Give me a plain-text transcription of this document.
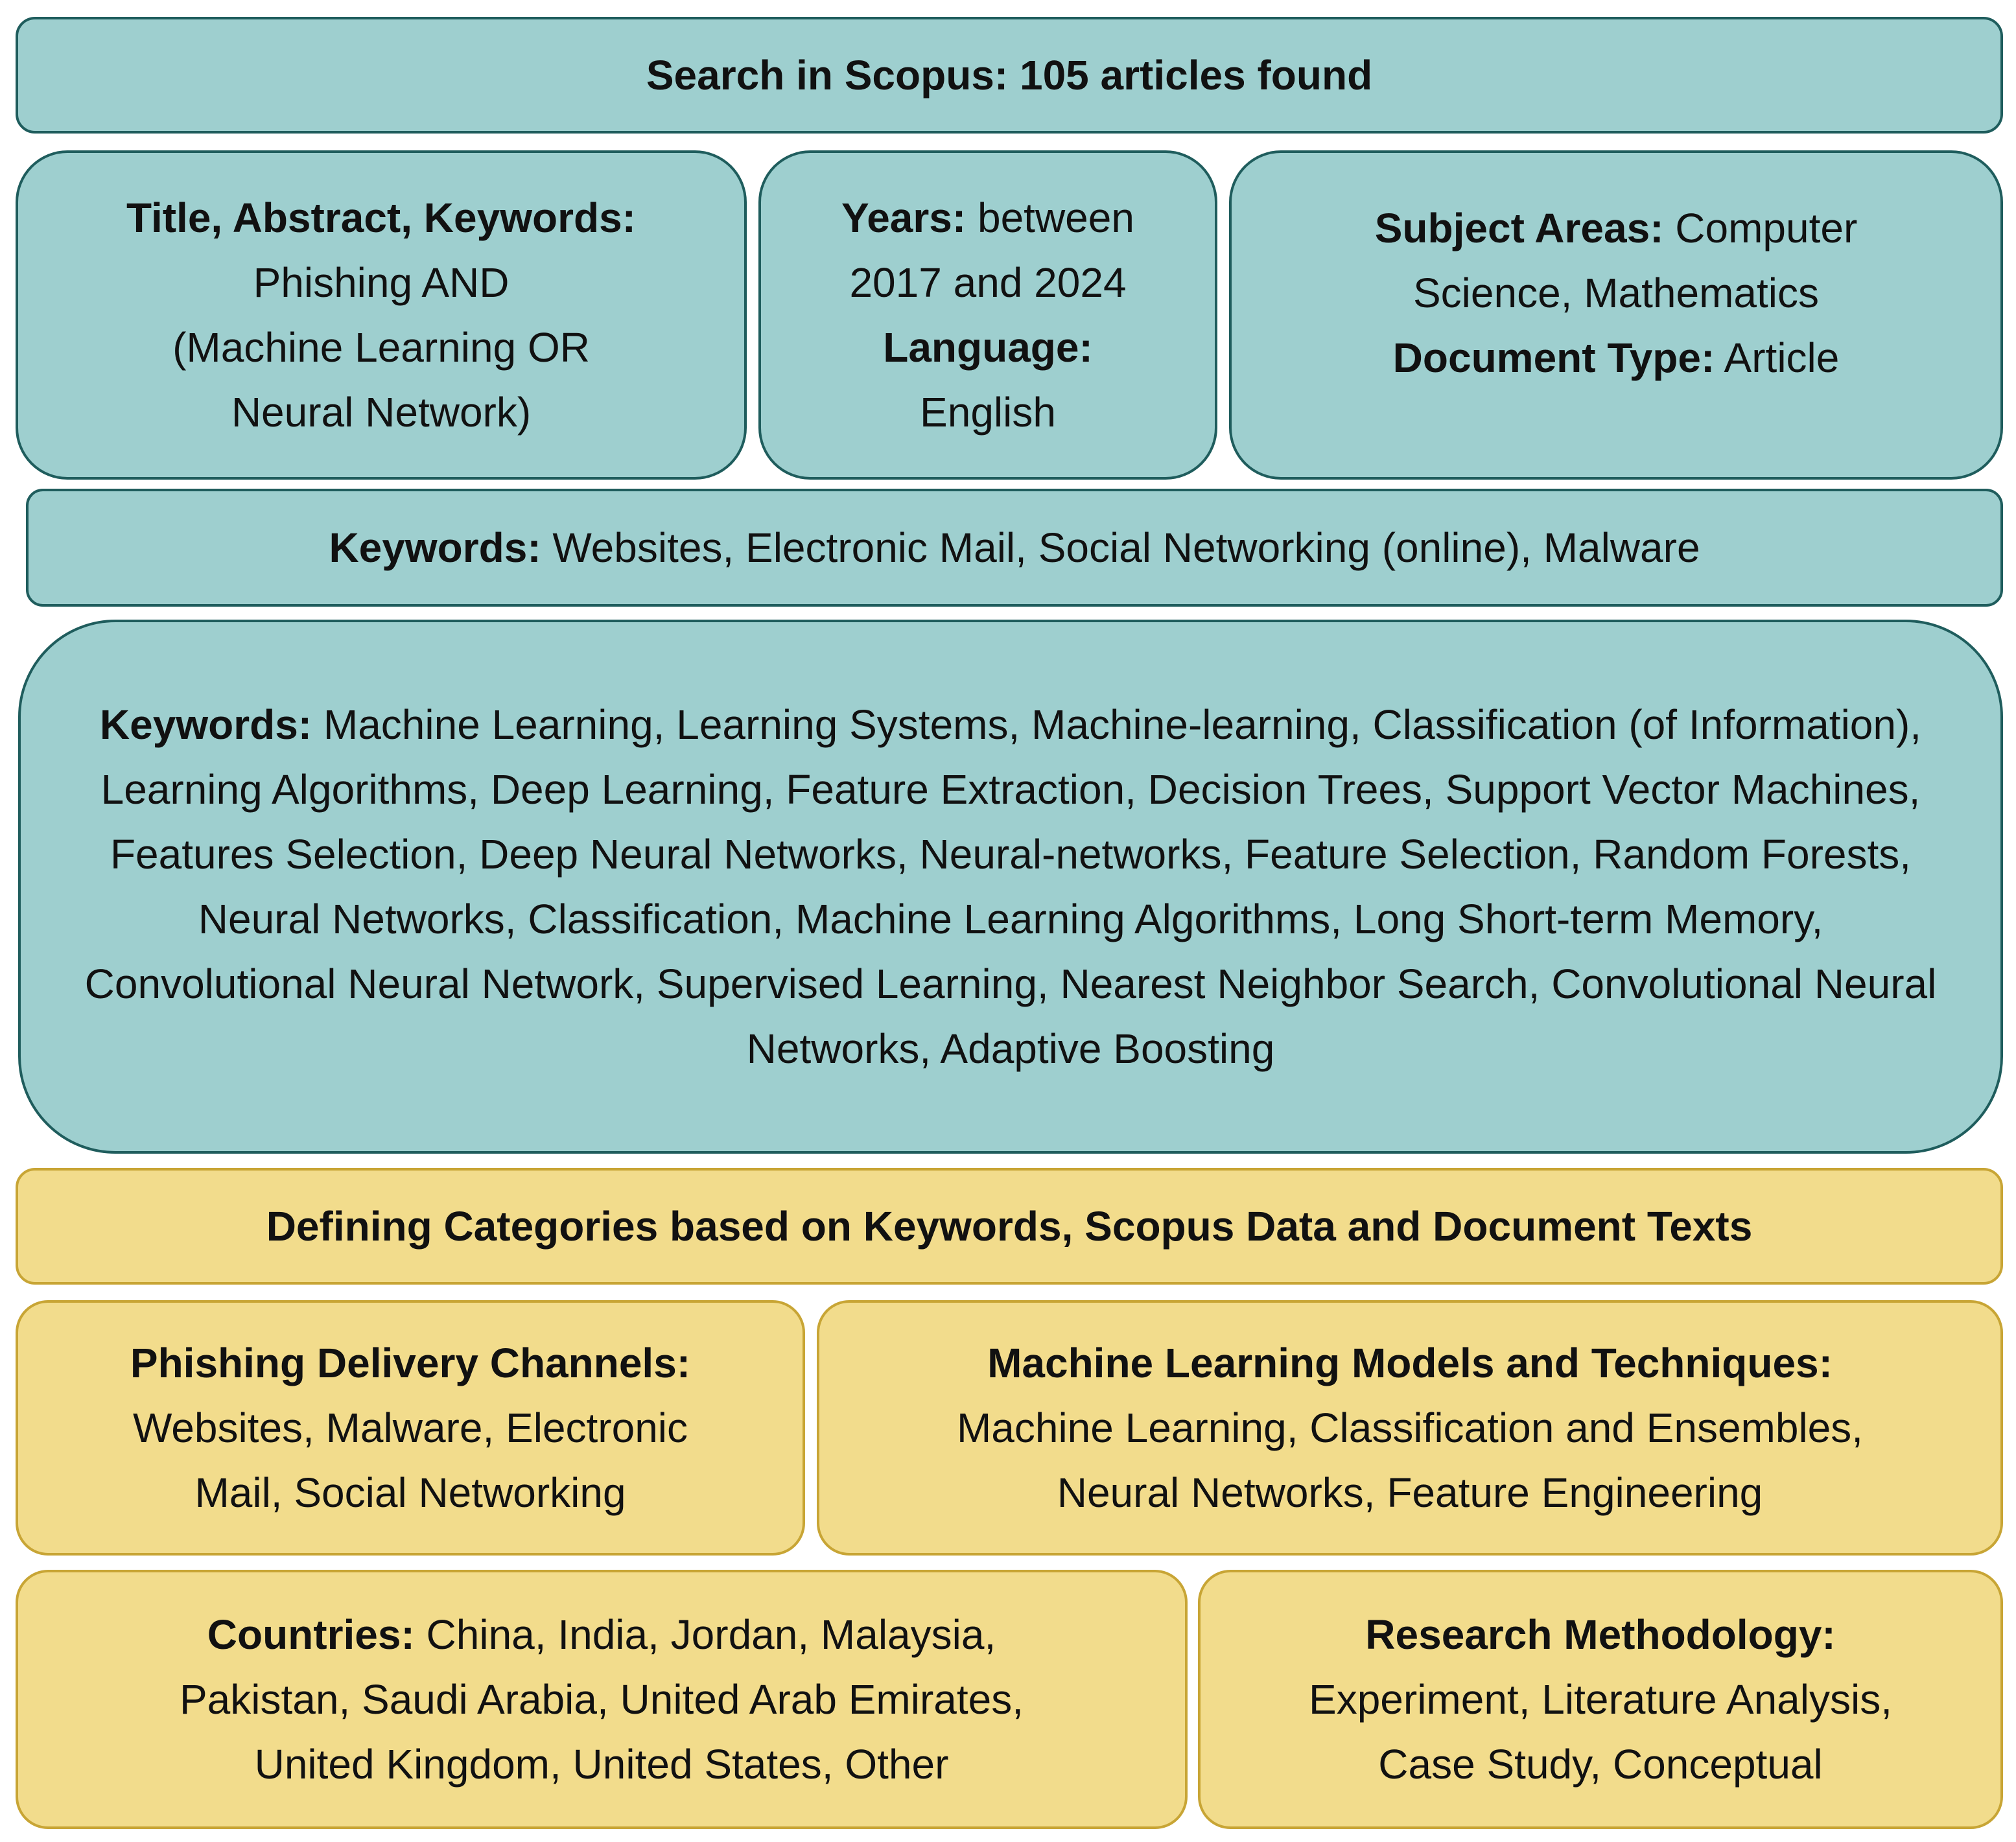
Search in Scopus: 105 articles found

Title, Abstract, Keywords:

Phishing AND

(Machine Learning OR

Neural Network)

Years: between

2017 and 2024

Language:

English

Subject Areas: Computer

Science, Mathematics

Document Type: Article

Keywords: Websites, Electronic Mail, Social Networking (online), Malware

Keywords: Machine Learning, Learning Systems, Machine-learning, Classification (of Information), Learning Algorithms, Deep Learning, Feature Extraction, Decision Trees, Support Vector Machines, Features Selection, Deep Neural Networks, Neural-networks, Feature Selection, Random Forests, Neural Networks, Classification, Machine Learning Algorithms, Long Short-term Memory, Convolutional Neural Network, Supervised Learning, Nearest Neighbor Search, Convolutional Neural Networks, Adaptive Boosting

Defining Categories based on Keywords, Scopus Data and Document Texts

Phishing Delivery Channels:

Websites, Malware, Electronic

Mail, Social Networking

Machine Learning Models and Techniques:

Machine Learning, Classification and Ensembles,

Neural Networks, Feature Engineering

Countries: China, India, Jordan, Malaysia,

Pakistan, Saudi Arabia, United Arab Emirates,

United Kingdom, United States, Other

Research Methodology:

Experiment, Literature Analysis,

Case Study, Conceptual
